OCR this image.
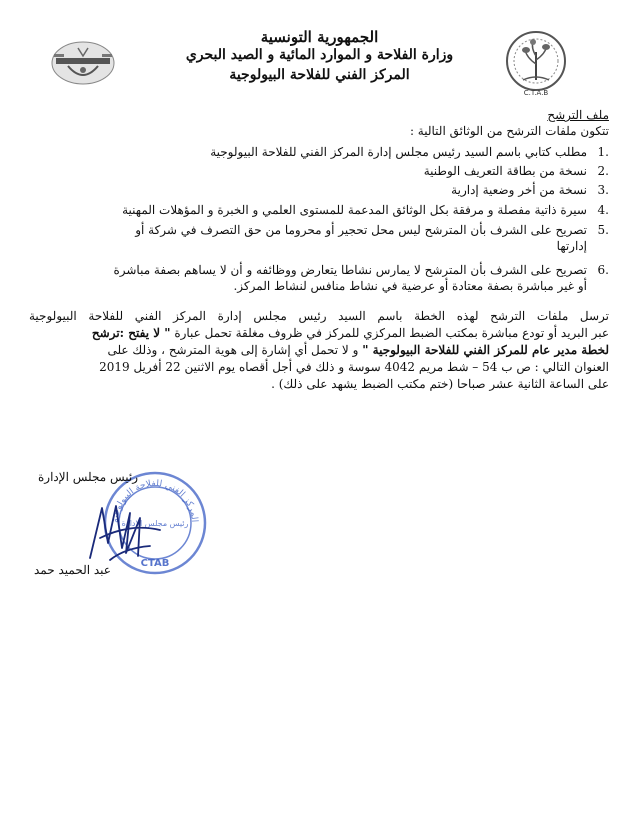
الجمهورية التونسية
وزارة الفلاحة و الموارد المائية و الصيد البحري
المركز الفني للفلاحة البيولوجية
C.T.A.B
ملف الترشح
تتكون ملفات الترشح من الوثائق التالية :
1.
مطلب كتابي باسم السيد رئيس مجلس إدارة المركز الفني للفلاحة البيولوجية
2.
نسخة من بطاقة التعريف الوطنية
3.
نسخة من أخر وضعية إدارية
4.
سيرة ذاتية مفصلة و مرفقة بكل الوثائق المدعمة للمستوى العلمي و الخبرة و المؤهلات المهنية
5.
تصريح على الشرف بأن المترشح ليس محل تحجير أو محروما من حق التصرف في شركة أو
إدارتها
6.
تصريح على الشرف بأن المترشح لا يمارس نشاطا يتعارض ووظائفه و أن لا يساهم بصفة مباشرة
أو غير مباشرة بصفة معتادة أو عرضية في نشاط منافس لنشاط المركز.
ترسل ملفات الترشح لهذه الخطة باسم السيد رئيس مجلس إدارة المركز الفني للفلاحة البيولوجية
عبر البريد أو تودع مباشرة بمكتب الضبط المركزي للمركز في ظروف مغلقة تحمل عبارة " لا يفتح :ترشح
لخطة مدير عام للمركز الفني للفلاحة البيولوجية " و لا تحمل أي إشارة إلى هوية المترشح ، وذلك على
العنوان التالي : ص ب 54 – شط مريم 4042 سوسة و ذلك في أجل أقصاه يوم الاثنين 22 أفريل 2019
على الساعة الثانية عشر صباحا (ختم مكتب الضبط يشهد على ذلك) .
المركز الفني للفلاحة البيولوجية
رئيس مجلس الإدارة
CTAB
رئيس مجلس الإدارة
عبد الحميد حمد
